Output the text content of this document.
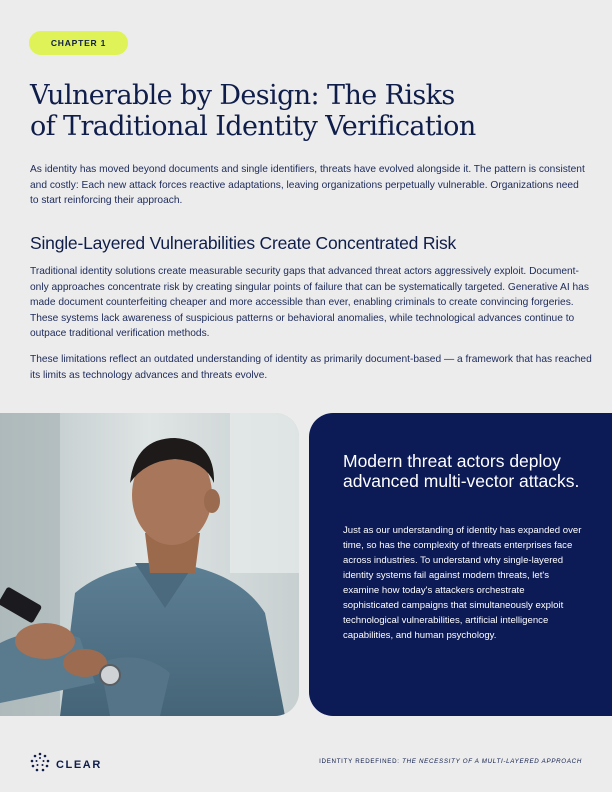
CHAPTER 1
Vulnerable by Design: The Risks
of Traditional Identity Verification

As identity has moved beyond documents and single identifiers, threats have evolved alongside it. The pattern is consistent and costly: Each new attack forces reactive adaptations, leaving organizations perpetually vulnerable. Organizations need to start reinforcing their approach.

Single-Layered Vulnerabilities Create Concentrated Risk

Traditional identity solutions create measurable security gaps that advanced threat actors aggressively exploit. Document-only approaches concentrate risk by creating singular points of failure that can be systematically targeted. Generative AI has made document counterfeiting cheaper and more accessible than ever, enabling criminals to create convincing forgeries. These systems lack awareness of suspicious patterns or behavioral anomalies, while technological advances continue to outpace traditional verification methods.

These limitations reflect an outdated understanding of identity as primarily document-based — a framework that has reached its limits as technology advances and threats evolve.

Modern threat actors deploy advanced multi-vector attacks.

Just as our understanding of identity has expanded over time, so has the complexity of threats enterprises face across industries. To understand why single-layered identity systems fail against modern threats, let's examine how today's attackers orchestrate sophisticated campaigns that simultaneously exploit technological vulnerabilities, artificial intelligence capabilities, and human psychology.

CLEAR	IDENTITY REDEFINED: THE NECESSITY OF A MULTI-LAYERED APPROACH
